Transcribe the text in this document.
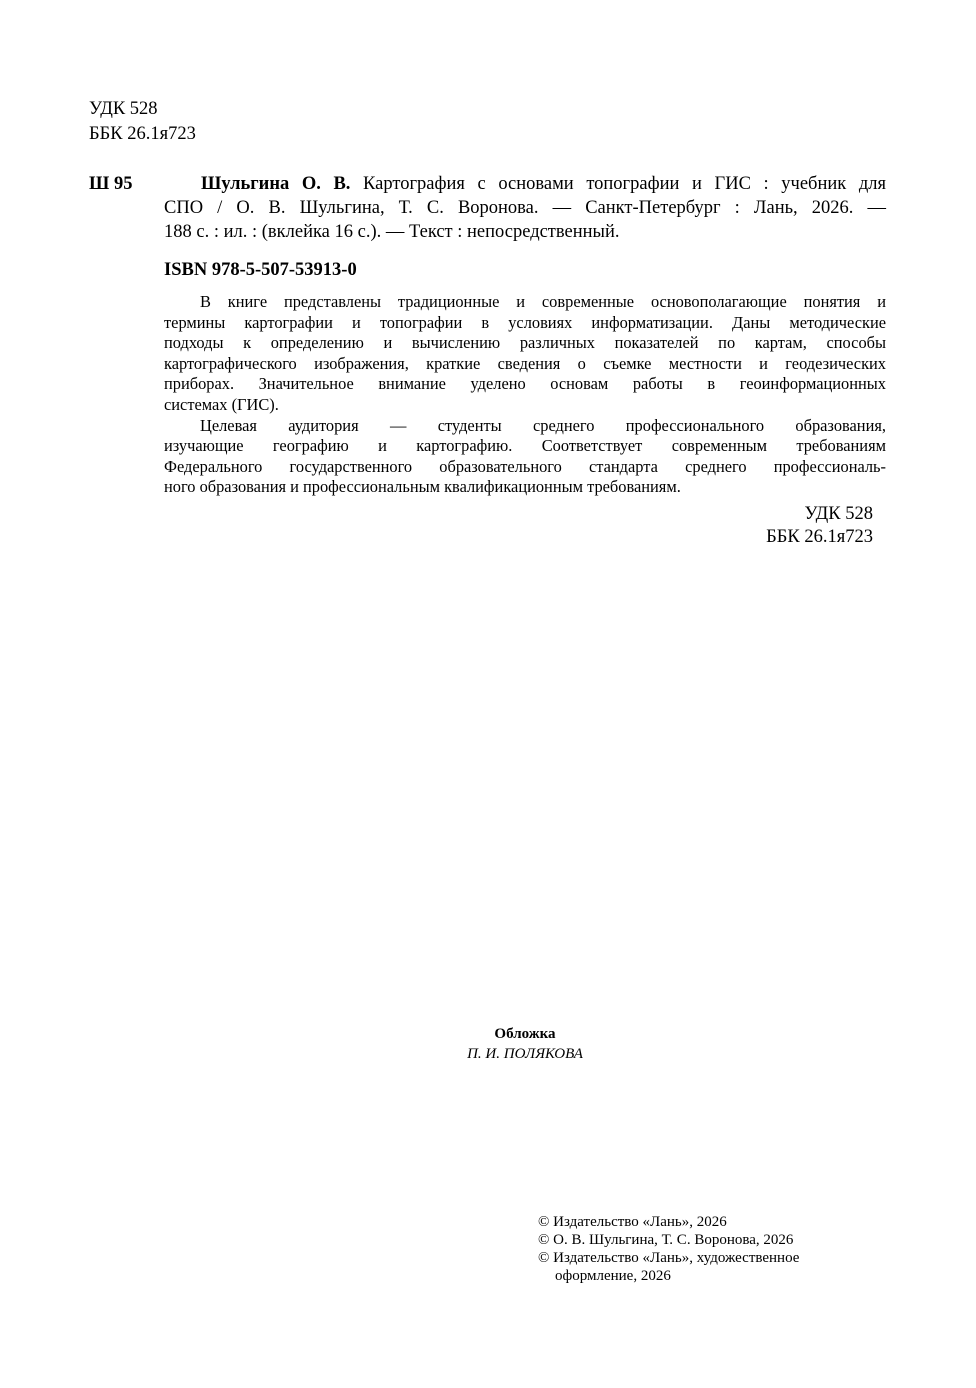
УДК 528
ББК 26.1я723
Ш 95	Шульгина О. В. Картография с основами топографии и ГИС : учебник для
СПО / О. В. Шульгина, Т. С. Воронова. — Санкт-Петербург : Лань, 2026. —
188 с. : ил. : (вклейка 16 с.). — Текст : непосредственный.
ISBN 978-5-507-53913-0
В книге представлены традиционные и современные основополагающие понятия и
термины картографии и топографии в условиях информатизации. Даны методические
подходы к определению и вычислению различных показателей по картам, способы
картографического изображения, краткие сведения о съемке местности и геодезических
приборах. Значительное внимание уделено основам работы в геоинформационных
системах (ГИС).
Целевая аудитория — студенты среднего профессионального образования,
изучающие географию и картографию. Соответствует современным требованиям
Федерального государственного образовательного стандарта среднего профессиональ-
ного образования и профессиональным квалификационным требованиям.
УДК 528
ББК 26.1я723
Обложка
П. И. ПОЛЯКОВА
© Издательство «Лань», 2026
© О. В. Шульгина, Т. С. Воронова, 2026
© Издательство «Лань», художественное
оформление, 2026
